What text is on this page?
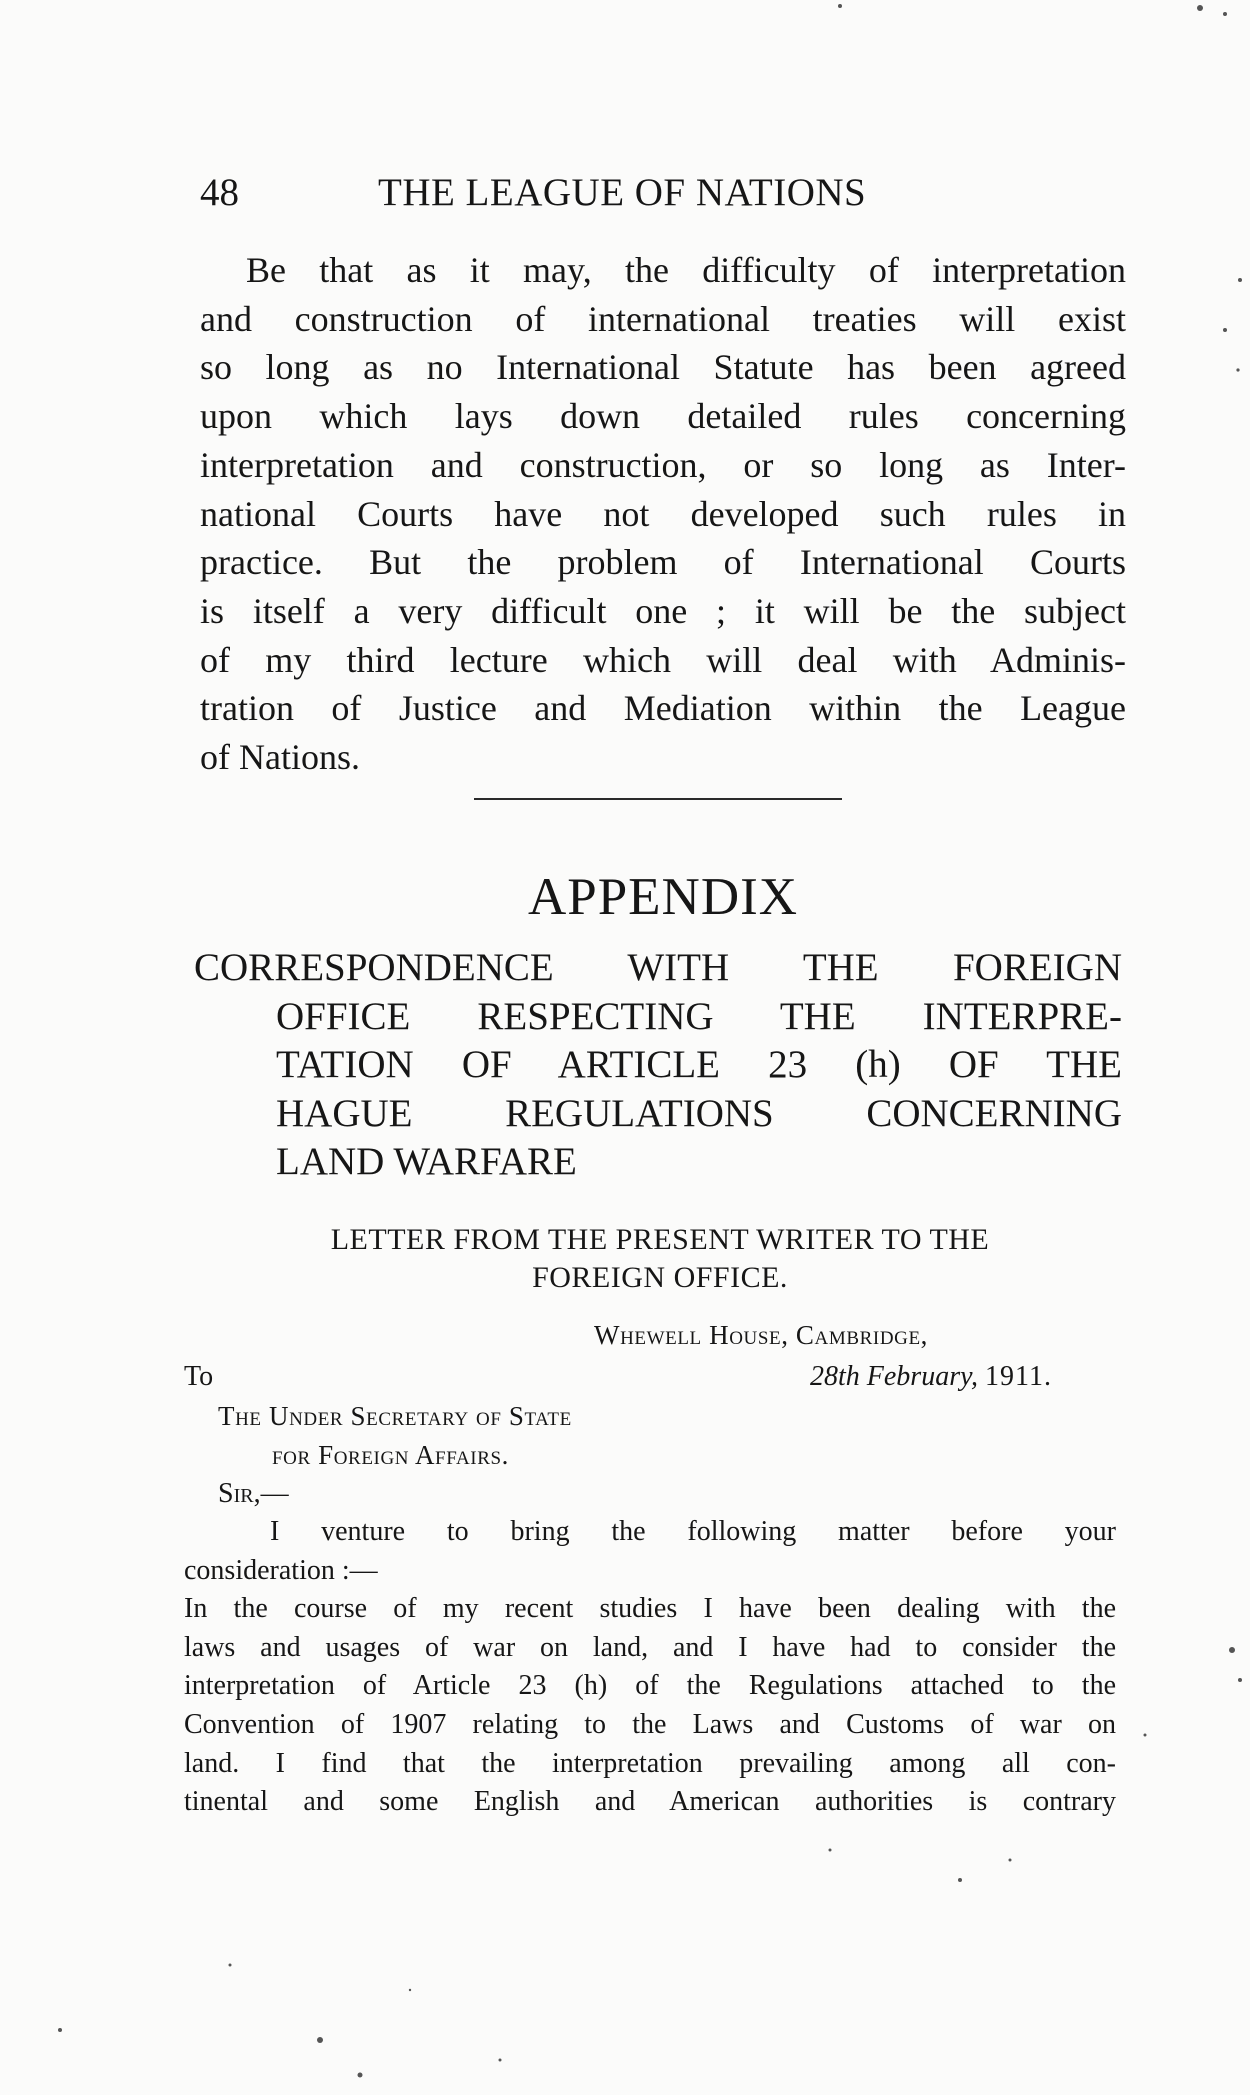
48	THE LEAGUE OF NATIONS
Be that as it may, the difficulty of interpretation
and construction of international treaties will exist
so long as no International Statute has been agreed
upon which lays down detailed rules concerning
interpretation and construction, or so long as Inter-
national Courts have not developed such rules in
practice. But the problem of International Courts
is itself a very difficult one ; it will be the subject
of my third lecture which will deal with Adminis-
tration of Justice and Mediation within the League
of Nations.
APPENDIX
CORRESPONDENCE WITH THE FOREIGN
OFFICE RESPECTING THE INTERPRE-
TATION OF ARTICLE 23 (h) OF THE
HAGUE REGULATIONS CONCERNING
LAND WARFARE
LETTER FROM THE PRESENT WRITER TO THE
FOREIGN OFFICE.
Whewell House, Cambridge,
To	28th February, 1911.
The Under Secretary of State
for Foreign Affairs.
Sir,—
I venture to bring the following matter before your
consideration :—
In the course of my recent studies I have been dealing with the
laws and usages of war on land, and I have had to consider the
interpretation of Article 23 (h) of the Regulations attached to the
Convention of 1907 relating to the Laws and Customs of war on
land. I find that the interpretation prevailing among all con-
tinental and some English and American authorities is contrary
